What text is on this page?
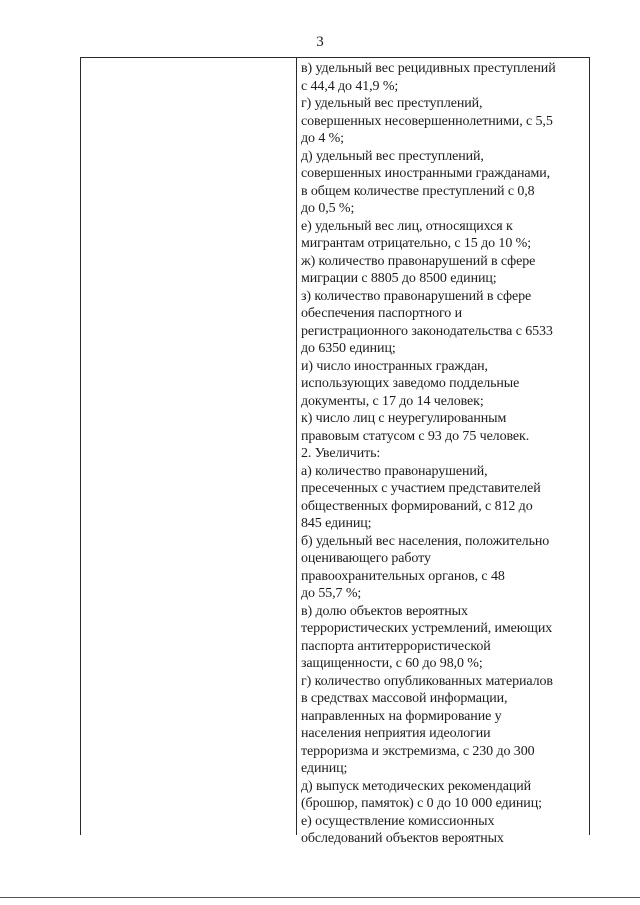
3
в) удельный вес рецидивных преступлений
с 44,4 до 41,9 %;
г) удельный вес преступлений,
совершенных несовершеннолетними, с 5,5
до 4 %;
д) удельный вес преступлений,
совершенных иностранными гражданами,
в общем количестве преступлений с 0,8
до 0,5 %;
е) удельный вес лиц, относящихся к
мигрантам отрицательно, с 15 до 10 %;
ж) количество правонарушений в сфере
миграции с 8805 до 8500 единиц;
з) количество правонарушений в сфере
обеспечения паспортного и
регистрационного законодательства с 6533
до 6350 единиц;
и) число иностранных граждан,
использующих заведомо поддельные
документы, с 17 до 14 человек;
к) число лиц с неурегулированным
правовым статусом с 93 до 75 человек.
2. Увеличить:
а) количество правонарушений,
пресеченных с участием представителей
общественных формирований, с 812 до
845 единиц;
б) удельный вес населения, положительно
оценивающего работу
правоохранительных органов, с 48
до 55,7 %;
в) долю объектов вероятных
террористических устремлений, имеющих
паспорта антитеррористической
защищенности, с 60 до 98,0 %;
г) количество опубликованных материалов
в средствах массовой информации,
направленных на формирование у
населения неприятия идеологии
терроризма и экстремизма, с 230 до 300
единиц;
д) выпуск методических рекомендаций
(брошюр, памяток) с 0 до 10 000 единиц;
е) осуществление комиссионных
обследований объектов вероятных
